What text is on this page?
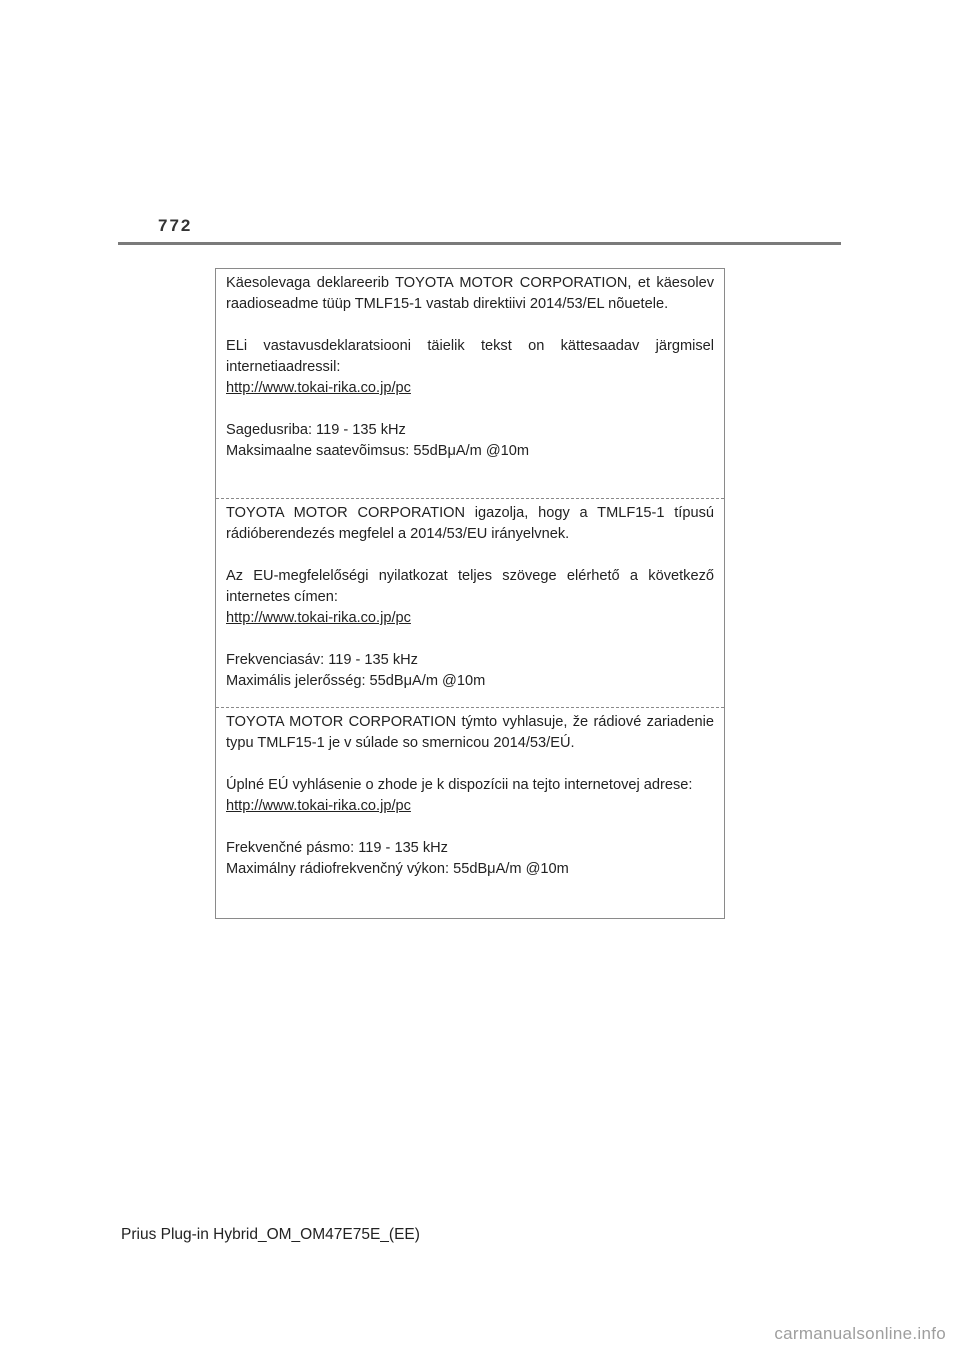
772

Käesolevaga deklareerib TOYOTA MOTOR CORPORATION, et käesolev raadioseadme tüüp TMLF15-1 vastab direktiivi 2014/53/EL nõuetele.

ELi vastavusdeklaratsiooni täielik tekst on kättesaadav järgmisel internetiaadressil:

http://www.tokai-rika.co.jp/pc

Sagedusriba: 119 - 135 kHz

Maksimaalne saatevõimsus: 55dBμA/m @10m

TOYOTA MOTOR CORPORATION igazolja, hogy a TMLF15-1 típusú rádióberendezés megfelel a 2014/53/EU irányelvnek.

Az EU-megfelelőségi nyilatkozat teljes szövege elérhető a következő internetes címen:

http://www.tokai-rika.co.jp/pc

Frekvenciasáv: 119 - 135 kHz

Maximális jelerősség: 55dBμA/m @10m

TOYOTA MOTOR CORPORATION týmto vyhlasuje, že rádiové zariadenie typu TMLF15-1 je v súlade so smernicou 2014/53/EÚ.

Úplné EÚ vyhlásenie o zhode je k dispozícii na tejto internetovej adrese:

http://www.tokai-rika.co.jp/pc

Frekvenčné pásmo: 119 - 135 kHz

Maximálny rádiofrekvenčný výkon: 55dBμA/m @10m

Prius Plug-in Hybrid_OM_OM47E75E_(EE)
carmanualsonline.info
